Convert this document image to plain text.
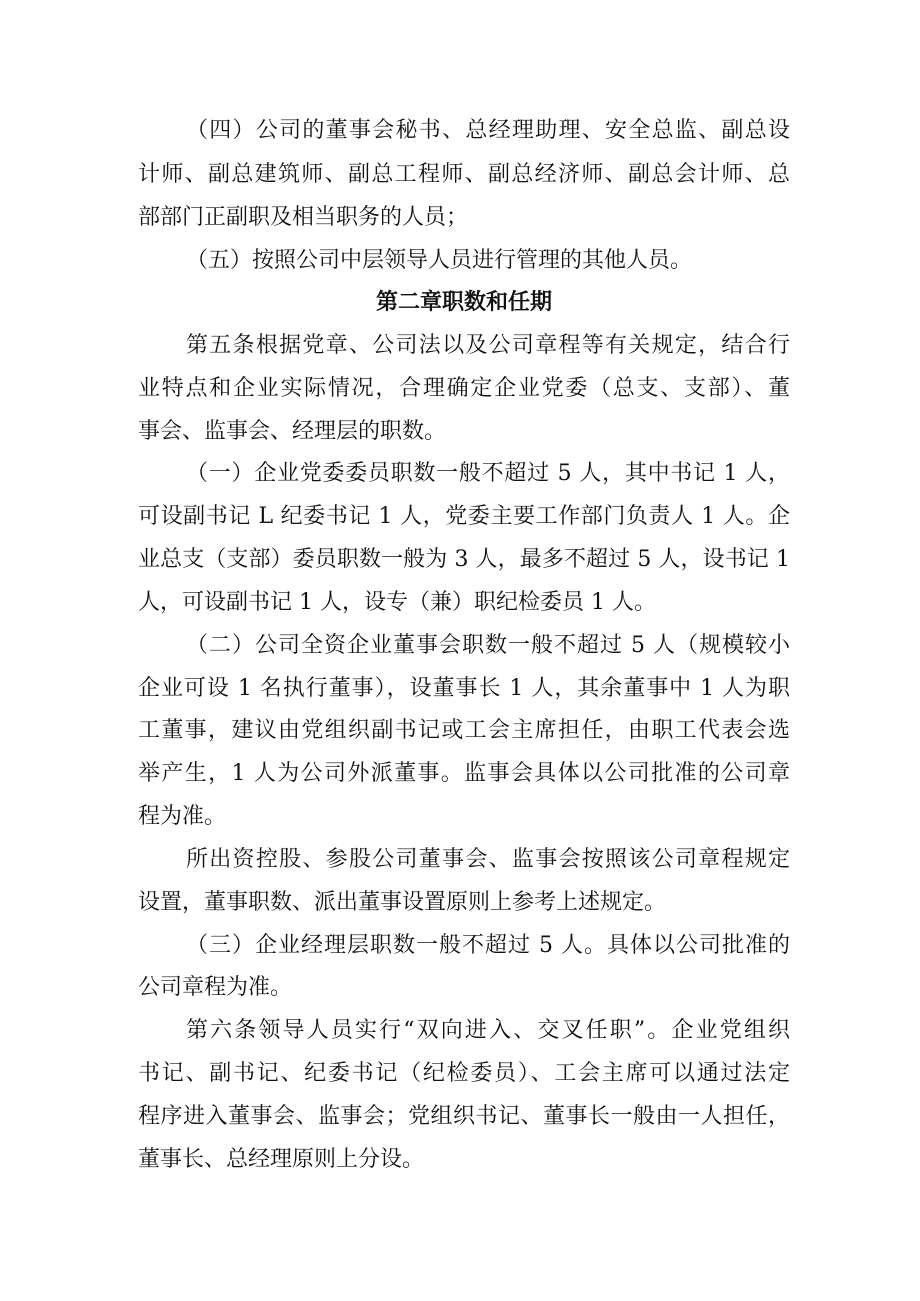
（四）公司的董事会秘书、总经理助理、安全总监、副总设
计师、副总建筑师、副总工程师、副总经济师、副总会计师、总
部部门正副职及相当职务的人员；
（五）按照公司中层领导人员进行管理的其他人员。
第二章职数和任期
第五条根据党章、公司法以及公司章程等有关规定，结合行
业特点和企业实际情况，合理确定企业党委（总支、支部）、董
事会、监事会、经理层的职数。
（一）企业党委委员职数一般不超过 5 人，其中书记 1 人，
可设副书记 L 纪委书记 1 人，党委主要工作部门负责人 1 人。企
业总支（支部）委员职数一般为 3 人，最多不超过 5 人，设书记 1
人，可设副书记 1 人，设专（兼）职纪检委员 1 人。
（二）公司全资企业董事会职数一般不超过 5 人（规模较小
企业可设 1 名执行董事），设董事长 1 人，其余董事中 1 人为职
工董事，建议由党组织副书记或工会主席担任，由职工代表会选
举产生，1 人为公司外派董事。监事会具体以公司批准的公司章
程为准。
所出资控股、参股公司董事会、监事会按照该公司章程规定
设置，董事职数、派出董事设置原则上参考上述规定。
（三）企业经理层职数一般不超过 5 人。具体以公司批准的
公司章程为准。
第六条领导人员实行“双向进入、交叉任职”。企业党组织
书记、副书记、纪委书记（纪检委员）、工会主席可以通过法定
程序进入董事会、监事会；党组织书记、董事长一般由一人担任，
董事长、总经理原则上分设。
